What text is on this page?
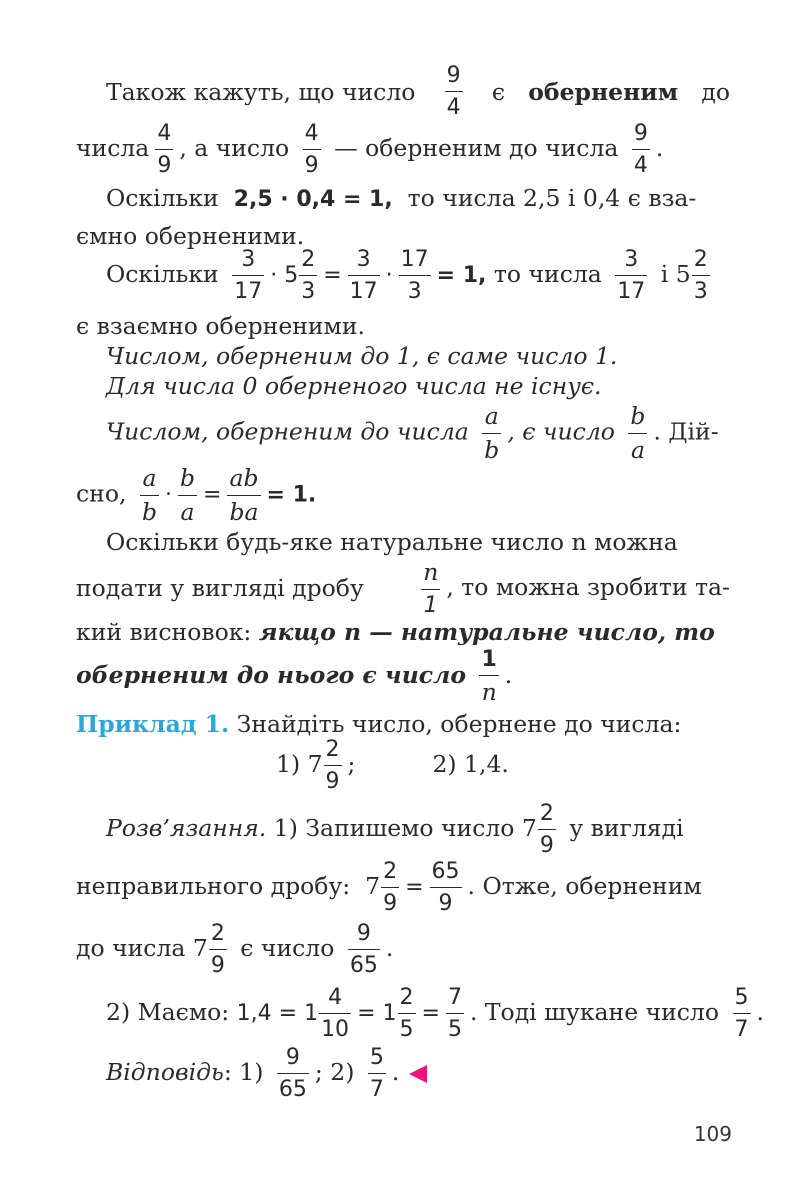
Також кажуть, що число $\frac{9}{4}$ є оберненим до
числа $\frac{4}{9}$ , а число $\frac{4}{9}$ — оберненим до числа $\frac{9}{4}$ .
Оскільки 2,5 · 0,4 = 1, то числа 2,5 і 0,4 є вза-
ємно оберненими.
Оскільки $\frac{3}{17} \cdot 5 \frac{2}{3} = \frac{3}{17} \cdot \frac{17}{3} = 1$, то числа $\frac{3}{17}$ і $5 \frac{2}{3}$
є взаємно оберненими.
Числом, оберненим до 1, є саме число 1.
Для числа 0 оберненого числа не існує.
Числом, оберненим до числа $\frac{a}{b}$ , є число $\frac{b}{a}$ . Дій-
сно, $\frac{a}{b} \cdot \frac{b}{a} = \frac{ab}{ba} = 1$.
Оскільки будь-яке натуральне число n можна
подати у вигляді дробу $\frac{n}{1}$ , то можна зробити та-
кий висновок: якщо n — натуральне число, то
оберненим до нього є число $\frac{1}{n}$ .
Приклад 1. Знайдіть число, обернене до числа:
1) $7 \frac{2}{9}$ ;	2) 1,4.
Розв’язання. 1) Запишемо число $7 \frac{2}{9}$ у вигляді
неправильного дробу: $7 \frac{2}{9} = \frac{65}{9}$ . Отже, оберненим
до числа $7 \frac{2}{9}$ є число $\frac{9}{65}$ .
2) Маємо: $1,4 = 1 \frac{4}{10} = 1 \frac{2}{5} = \frac{7}{5}$ . Тоді шукане число $\frac{5}{7}$ .
Відповідь: $1) \frac{9}{65}$ ; $2) \frac{5}{7}$ .
109
